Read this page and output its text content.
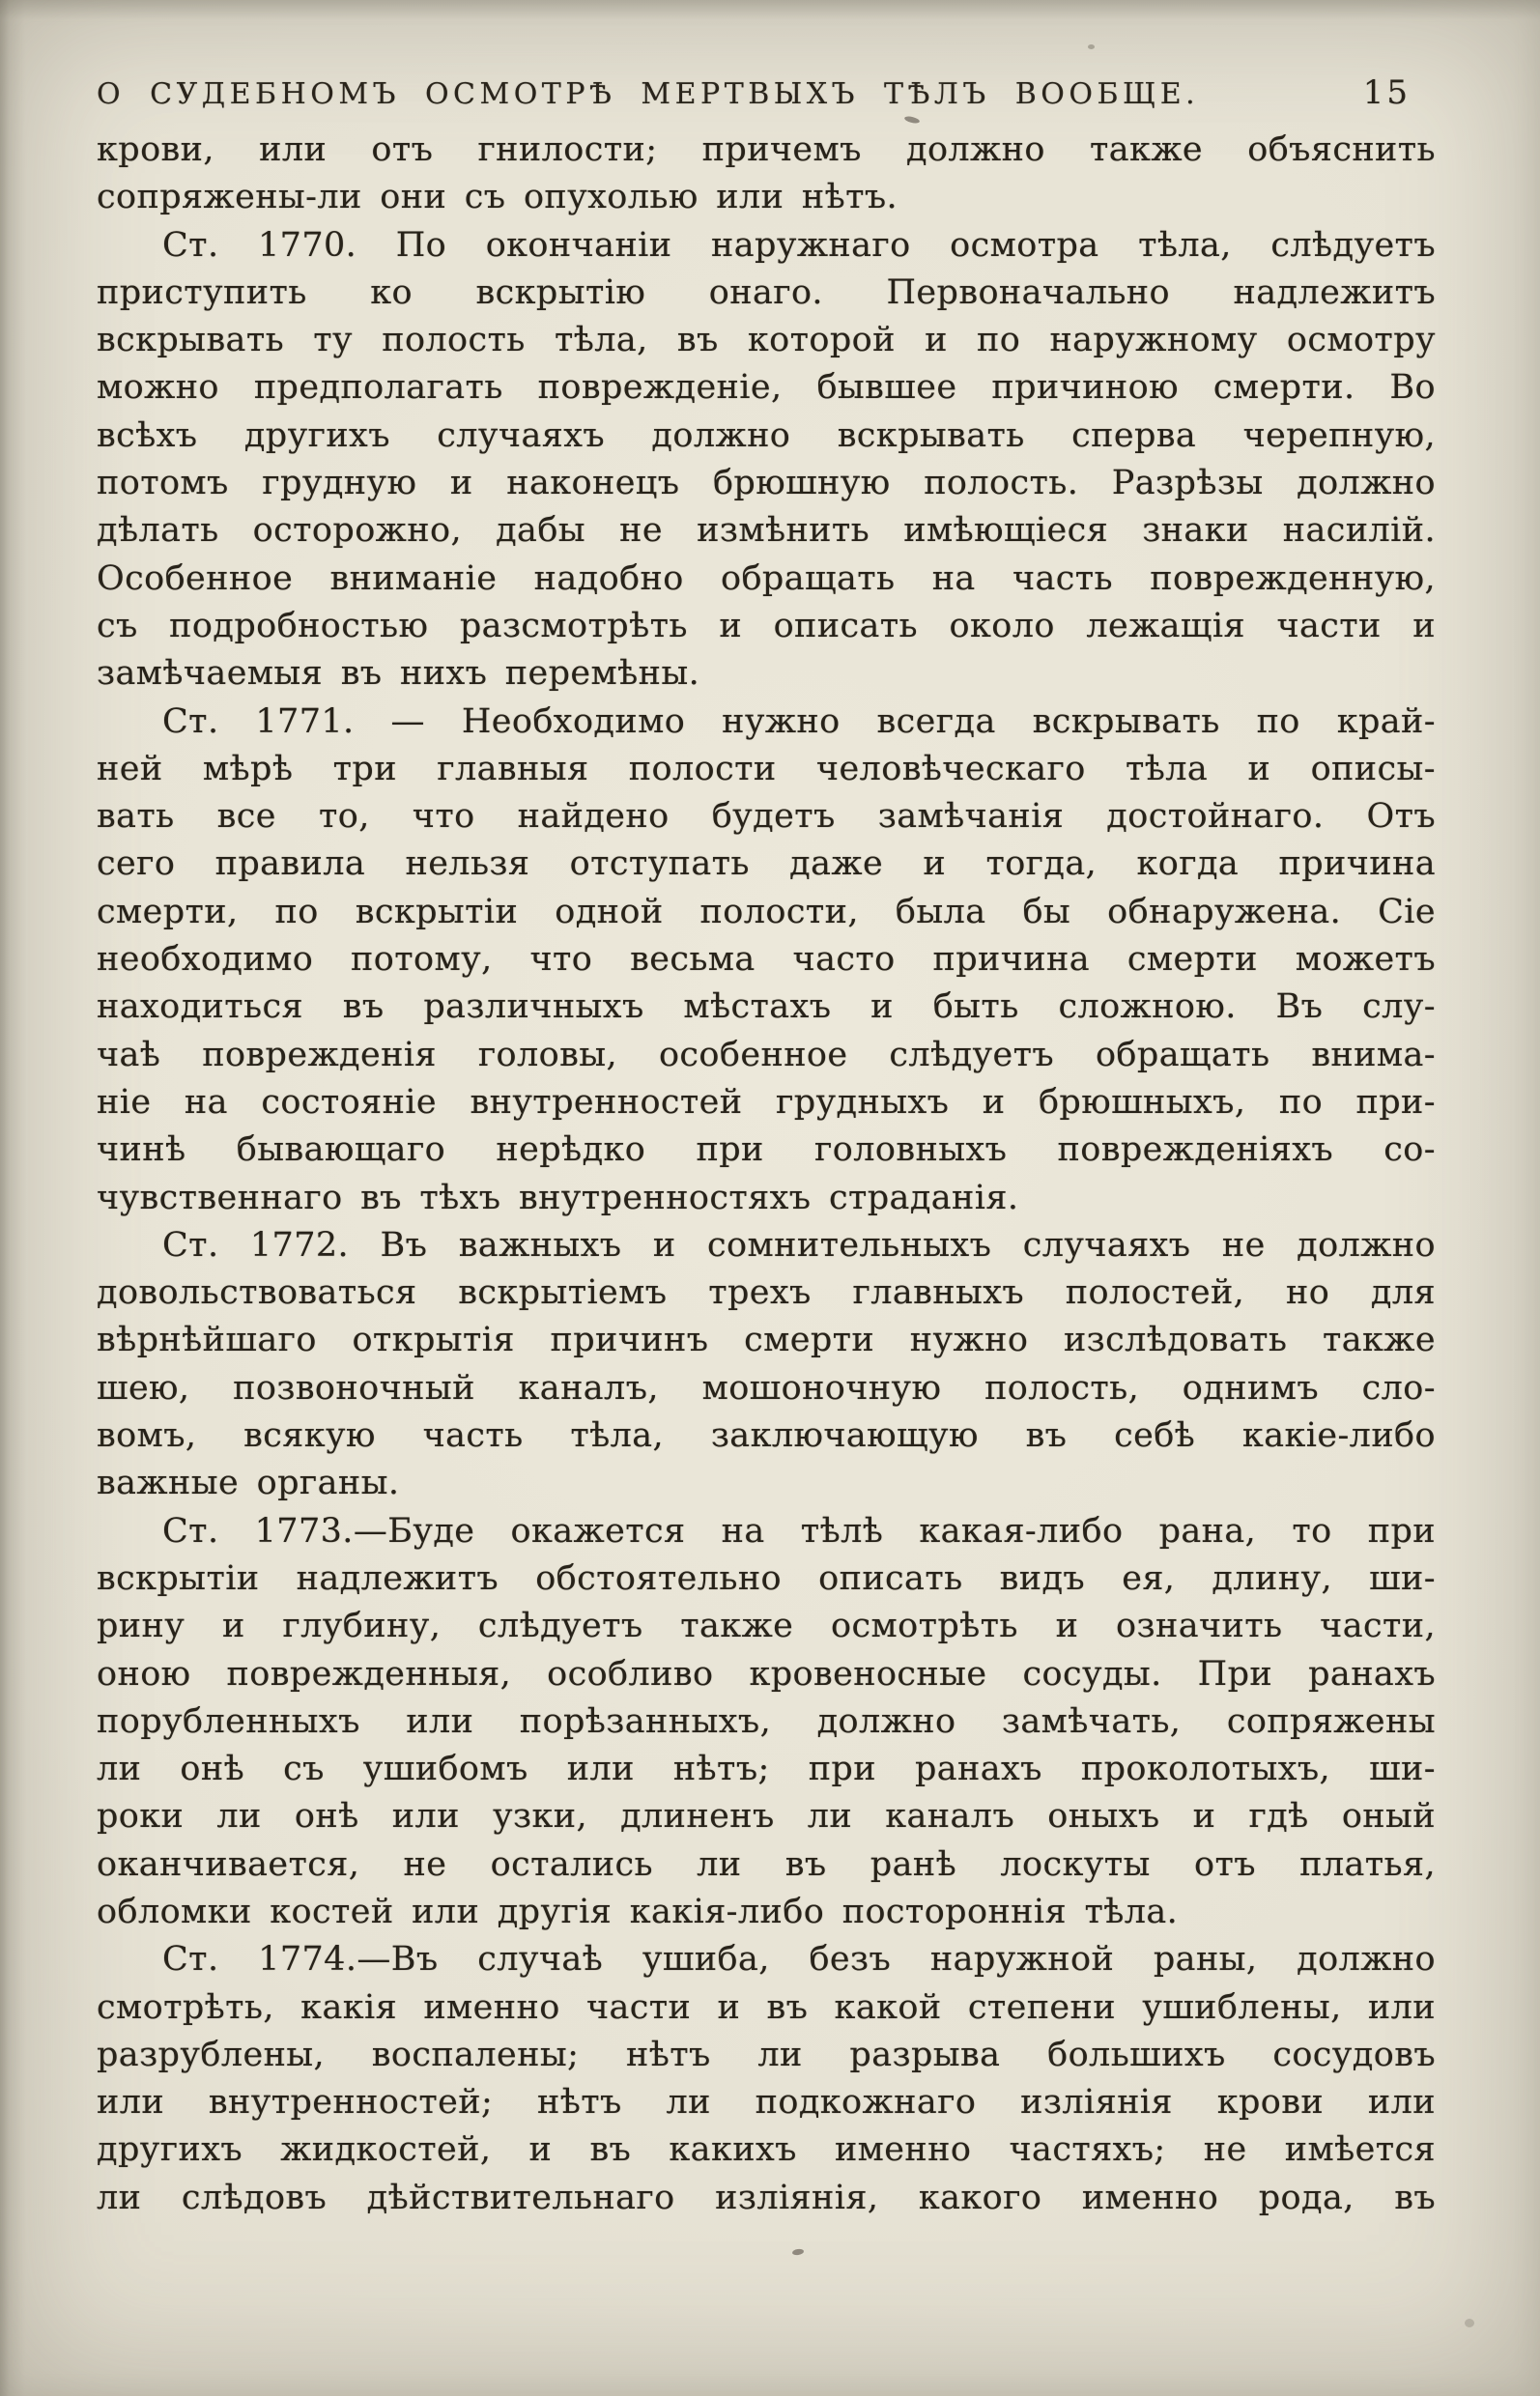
О СУДЕБНОМЪ ОСМОТРѢ МЕРТВЫХЪ ТѢЛЪ ВООБЩЕ.	15
крови, или отъ гнилости; причемъ должно также объяснить
сопряжены-ли они съ опухолью или нѣтъ.
Ст. 1770. По окончаніи наружнаго осмотра тѣла, слѣдуетъ
приступить ко вскрытію онаго. Первоначально надлежитъ
вскрывать ту полость тѣла, въ которой и по наружному осмотру
можно предполагать поврежденіе, бывшее причиною смерти. Во
всѣхъ другихъ случаяхъ должно вскрывать сперва черепную,
потомъ грудную и наконецъ брюшную полость. Разрѣзы должно
дѣлать осторожно, дабы не измѣнить имѣющіеся знаки насилій.
Особенное вниманіе надобно обращать на часть поврежденную,
съ подробностью разсмотрѣть и описать около лежащія части и
замѣчаемыя въ нихъ перемѣны.
Ст. 1771. — Необходимо нужно всегда вскрывать по край-
ней мѣрѣ три главныя полости человѣческаго тѣла и описы-
вать все то, что найдено будетъ замѣчанія достойнаго. Отъ
сего правила нельзя отступать даже и тогда, когда причина
смерти, по вскрытіи одной полости, была бы обнаружена. Сіе
необходимо потому, что весьма часто причина смерти можетъ
находиться въ различныхъ мѣстахъ и быть сложною. Въ слу-
чаѣ поврежденія головы, особенное слѣдуетъ обращать внима-
ніе на состояніе внутренностей грудныхъ и брюшныхъ, по при-
чинѣ бывающаго нерѣдко при головныхъ поврежденіяхъ со-
чувственнаго въ тѣхъ внутренностяхъ страданія.
Ст. 1772. Въ важныхъ и сомнительныхъ случаяхъ не должно
довольствоваться вскрытіемъ трехъ главныхъ полостей, но для
вѣрнѣйшаго открытія причинъ смерти нужно изслѣдовать также
шею, позвоночный каналъ, мошоночную полость, однимъ сло-
вомъ, всякую часть тѣла, заключающую въ себѣ какіе-либо
важные органы.
Ст. 1773.—Буде окажется на тѣлѣ какая-либо рана, то при
вскрытіи надлежитъ обстоятельно описать видъ ея, длину, ши-
рину и глубину, слѣдуетъ также осмотрѣть и означить части,
оною поврежденныя, особливо кровеносные сосуды. При ранахъ
порубленныхъ или порѣзанныхъ, должно замѣчать, сопряжены
ли онѣ съ ушибомъ или нѣтъ; при ранахъ проколотыхъ, ши-
роки ли онѣ или узки, длиненъ ли каналъ оныхъ и гдѣ оный
оканчивается, не остались ли въ ранѣ лоскуты отъ платья,
обломки костей или другія какія-либо постороннія тѣла.
Ст. 1774.—Въ случаѣ ушиба, безъ наружной раны, должно
смотрѣть, какія именно части и въ какой степени ушиблены, или
разрублены, воспалены; нѣтъ ли разрыва большихъ сосудовъ
или внутренностей; нѣтъ ли подкожнаго изліянія крови или
другихъ жидкостей, и въ какихъ именно частяхъ; не имѣется
ли слѣдовъ дѣйствительнаго изліянія, какого именно рода, въ
